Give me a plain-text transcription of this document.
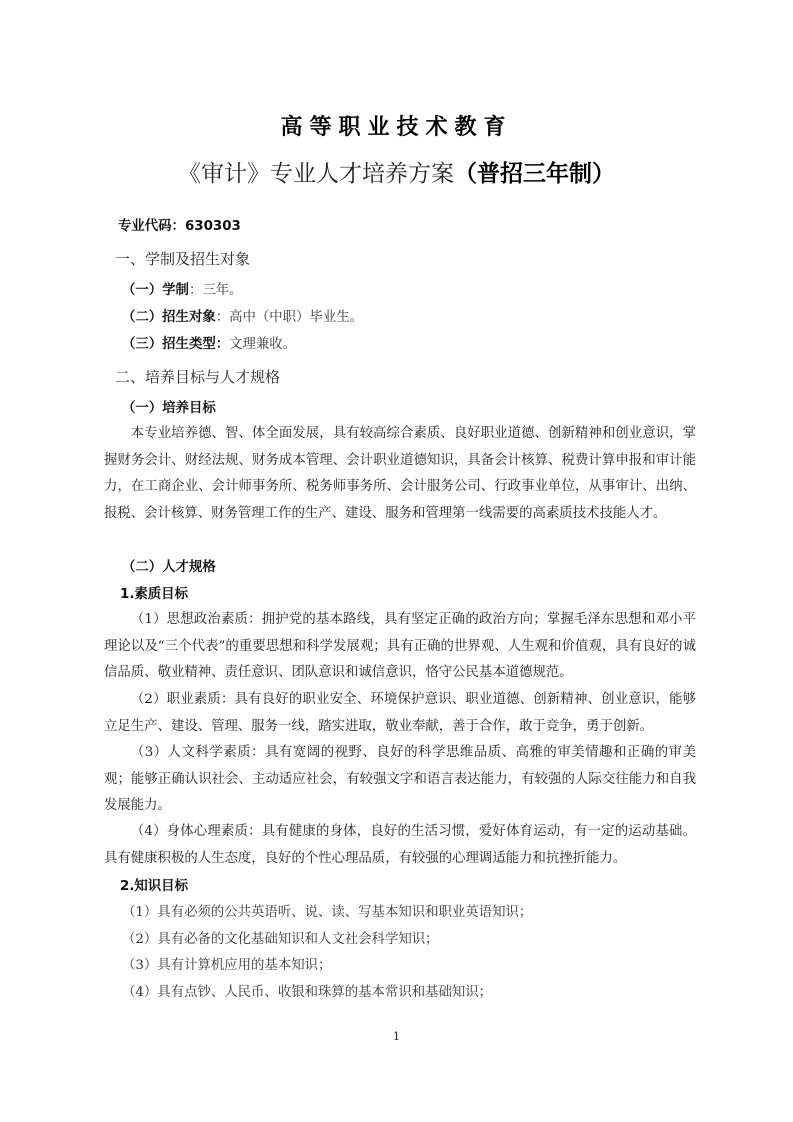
高等职业技术教育
《审计》专业人才培养方案（普招三年制）
专业代码：630303
一、学制及招生对象
（一）学制：三年。
（二）招生对象：高中（中职）毕业生。
（三）招生类型：文理兼收。
二、培养目标与人才规格
（一）培养目标
本专业培养德、智、体全面发展，具有较高综合素质、良好职业道德、创新精神和创业意识，掌握财务会计、财经法规、财务成本管理、会计职业道德知识，具备会计核算、税费计算申报和审计能力，在工商企业、会计师事务所、税务师事务所、会计服务公司、行政事业单位，从事审计、出纳、报税、会计核算、财务管理工作的生产、建设、服务和管理第一线需要的高素质技术技能人才。
（二）人才规格
1.素质目标
（1）思想政治素质：拥护党的基本路线，具有坚定正确的政治方向；掌握毛泽东思想和邓小平理论以及“三个代表”的重要思想和科学发展观；具有正确的世界观、人生观和价值观，具有良好的诚信品质、敬业精神、责任意识、团队意识和诚信意识，恪守公民基本道德规范。
（2）职业素质：具有良好的职业安全、环境保护意识、职业道德、创新精神、创业意识，能够立足生产、建设、管理、服务一线，踏实进取，敬业奉献，善于合作，敢于竞争，勇于创新。
（3）人文科学素质：具有宽阔的视野、良好的科学思维品质、高雅的审美情趣和正确的审美观；能够正确认识社会、主动适应社会，有较强文字和语言表达能力，有较强的人际交往能力和自我发展能力。
（4）身体心理素质：具有健康的身体，良好的生活习惯，爱好体育运动，有一定的运动基础。具有健康积极的人生态度，良好的个性心理品质，有较强的心理调适能力和抗挫折能力。
2.知识目标
（1）具有必须的公共英语听、说、读、写基本知识和职业英语知识；
（2）具有必备的文化基础知识和人文社会科学知识；
（3）具有计算机应用的基本知识；
（4）具有点钞、人民币、收银和珠算的基本常识和基础知识；
1
